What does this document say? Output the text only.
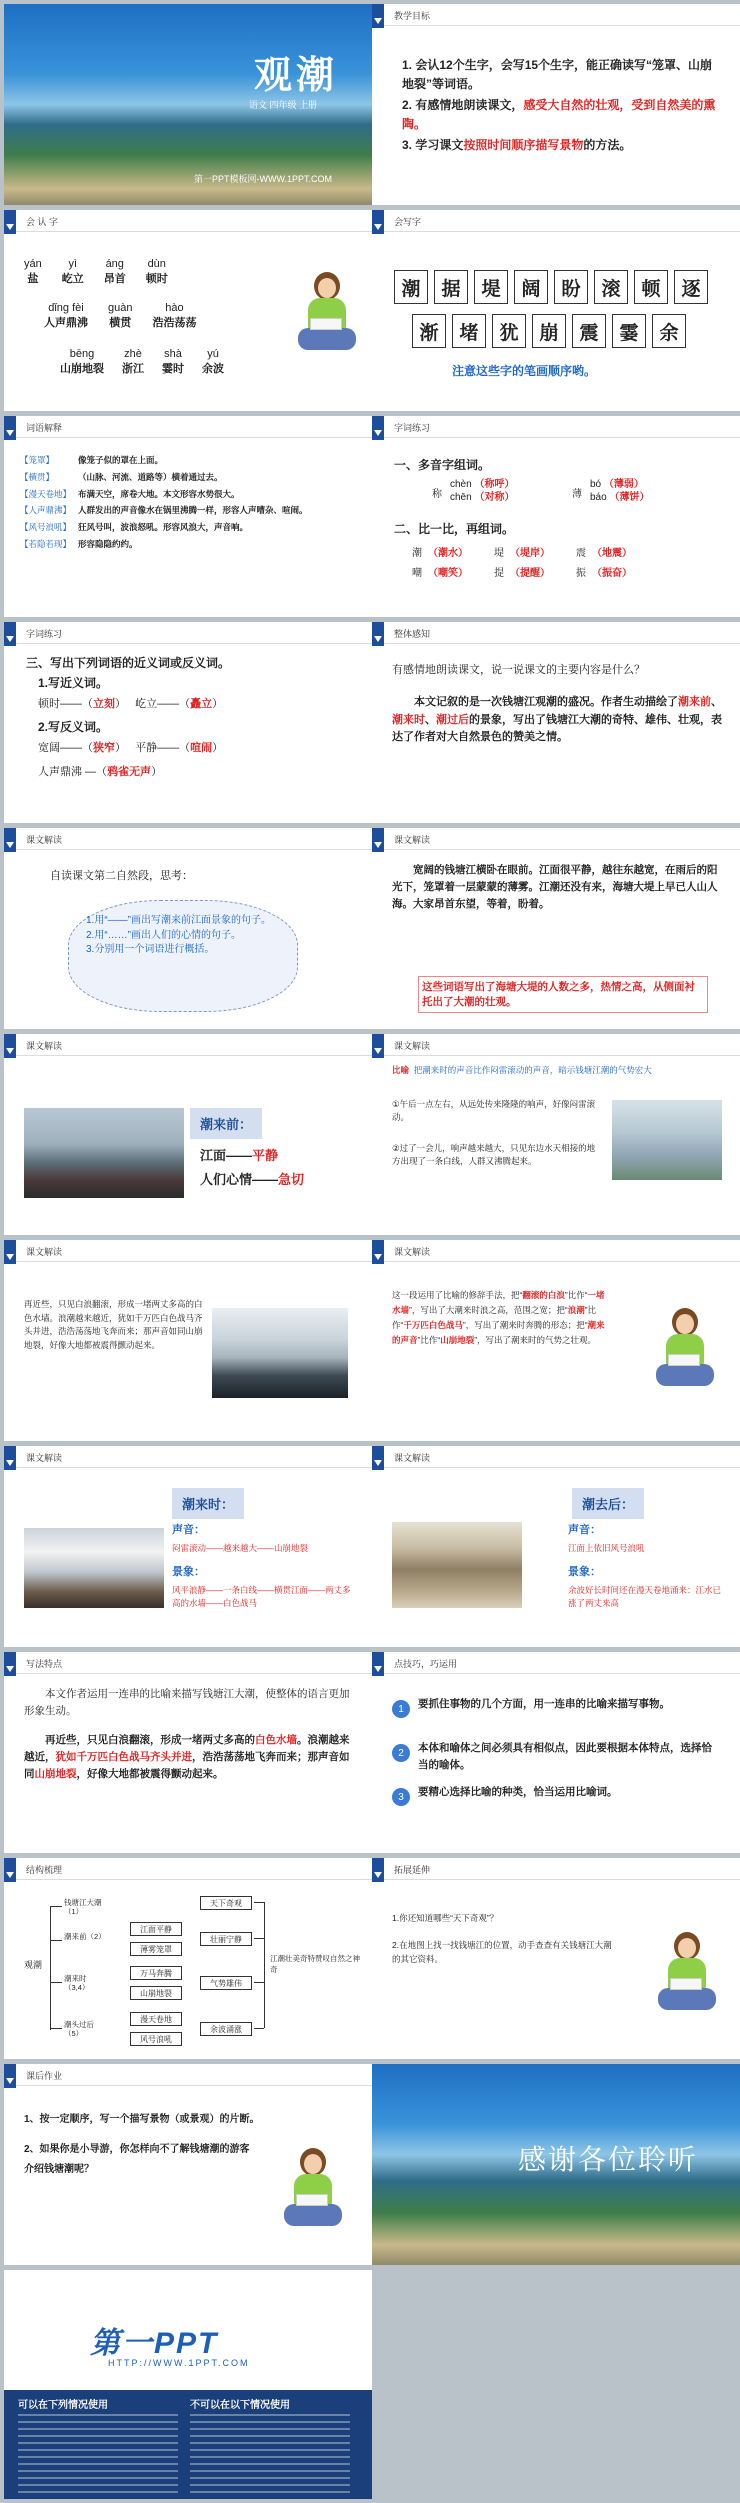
观潮
语文 四年级 上册
第一PPT模板网-WWW.1PPT.COM
教学目标
1. 会认12个生字，会写15个生字，能正确读写“笼罩、山崩地裂”等词语。
2. 有感情地朗读课文，感受大自然的壮观，受到自然美的熏陶。
3. 学习课文按照时间顺序描写景物的方法。
会 认 字
yán
盐
yì
屹立
áng
昂首
dùn
顿时
dǐng fèi
人声鼎沸
guàn
横贯
hào
浩浩荡荡
bēng
山崩地裂
zhè
浙江
shà
霎时
yú
余波
会写字
潮	据	堤	阔	盼	滚	顿	逐
渐	堵	犹	崩	震	霎	余
注意这些字的笔画顺序哟。
词语解释
【笼罩】	像笼子似的罩在上面。
【横贯】	（山脉、河流、道路等）横着通过去。
【漫天卷地】 布满天空，席卷大地。本文形容水势很大。
【人声鼎沸】 人群发出的声音像水在锅里沸腾一样，形容人声嘈杂、喧闹。
【风号浪吼】 狂风号叫，波浪怒吼。形容风浪大，声音响。
【若隐若现】 形容隐隐约约。
字词练习
一、多音字组词。
称
chèn （称呼）
chēn （对称）	薄
bó （薄弱）
báo （薄饼）
二、比一比，再组词。
潮 （潮水）	堤 （堤岸）	震 （地震）
嘲 （嘲笑）	提 （提醒）	振 （振奋）
字词练习
三、写出下列词语的近义词或反义词。
1.写近义词。
顿时——（立刻）   屹立——（矗立）
2.写反义词。
宽阔——（狭窄）   平静——（喧闹）
人声鼎沸 —（鸦雀无声）
整体感知
有感情地朗读课文，说一说课文的主要内容是什么？
本文记叙的是一次钱塘江观潮的盛况。作者生动描绘了潮来前、潮来时、潮过后的景象，写出了钱塘江大潮的奇特、雄伟、壮观，表达了作者对大自然景色的赞美之情。
课文解读
自读课文第二自然段，思考：
1.用“——”画出写潮来前江面景象的句子。
2.用“……”画出人们的心情的句子。
3.分别用一个词语进行概括。
课文解读
宽阔的钱塘江横卧在眼前。江面很平静，越往东越宽，在雨后的阳光下，笼罩着一层蒙蒙的薄雾。江潮还没有来，海塘大堤上早已人山人海。大家昂首东望，等着，盼着。
这些词语写出了海塘大堤的人数之多，热情之高，从侧面衬托出了大潮的壮观。
课文解读
潮来前：
江面——平静
人们心情——急切
课文解读
比喻 把潮来时的声音比作闷雷滚动的声音，暗示钱塘江潮的气势宏大
①午后一点左右，从远处传来隆隆的响声，好像闷雷滚动。
②过了一会儿，响声越来越大，只见东边水天相接的地方出现了一条白线，人群又沸腾起来。
课文解读
再近些，只见白浪翻滚，形成一堵两丈多高的白色水墙。浪潮越来越近，犹如千万匹白色战马齐头并进，浩浩荡荡地飞奔而来；那声音如同山崩地裂，好像大地都被震得颤动起来。
课文解读
这一段运用了比喻的修辞手法，把“翻滚的白浪”比作“一堵水墙”，写出了大潮来时浪之高，范围之宽；把“浪潮”比作“千万匹白色战马”，写出了潮来时奔腾的形态；把“潮来的声音”比作“山崩地裂”，写出了潮来时的气势之壮观。
课文解读
潮来时：
声音：
闷雷滚动——越来越大——山崩地裂
景象：
风平浪静——一条白线——横贯江面——两丈多高的水墙——白色战马
课文解读
潮去后：
声音：
江面上依旧风号浪吼
景象：
余波好长时间还在漫天卷地涌来：江水已涨了两丈来高
写法特点
本文作者运用一连串的比喻来描写钱塘江大潮，使整体的语言更加形象生动。
再近些，只见白浪翻滚，形成一堵两丈多高的白色水墙。浪潮越来越近，犹如千万匹白色战马齐头并进，浩浩荡荡地飞奔而来；那声音如同山崩地裂，好像大地都被震得颤动起来。
点技巧，巧运用
1	要抓住事物的几个方面，用一连串的比喻来描写事物。
2	本体和喻体之间必须具有相似点，因此要根据本体特点，选择恰当的喻体。
3	要精心选择比喻的种类，恰当运用比喻词。
结构梳理
观潮
钱塘江大潮（1）
潮来前（2）
潮来时（3,4）
潮头过后（5）
江面平静
薄雾笼罩
万马奔腾
山崩地裂
漫天卷地
风号浪吼
天下奇观
壮丽宁静
气势雄伟
余波涌涨
江潮壮美奇特赞叹自然之神奇
拓展延伸
1.你还知道哪些“天下奇观”？
2.在地图上找一找钱塘江的位置，动手查查有关钱塘江大潮的其它资料。
课后作业
1、按一定顺序，写一个描写景物（或景观）的片断。
2、如果你是小导游，你怎样向不了解钱塘潮的游客介绍钱塘潮呢？	感谢各位聆听
第一PPT
HTTP://WWW.1PPT.COM
可以在下列情况使用	不可以在以下情况使用
